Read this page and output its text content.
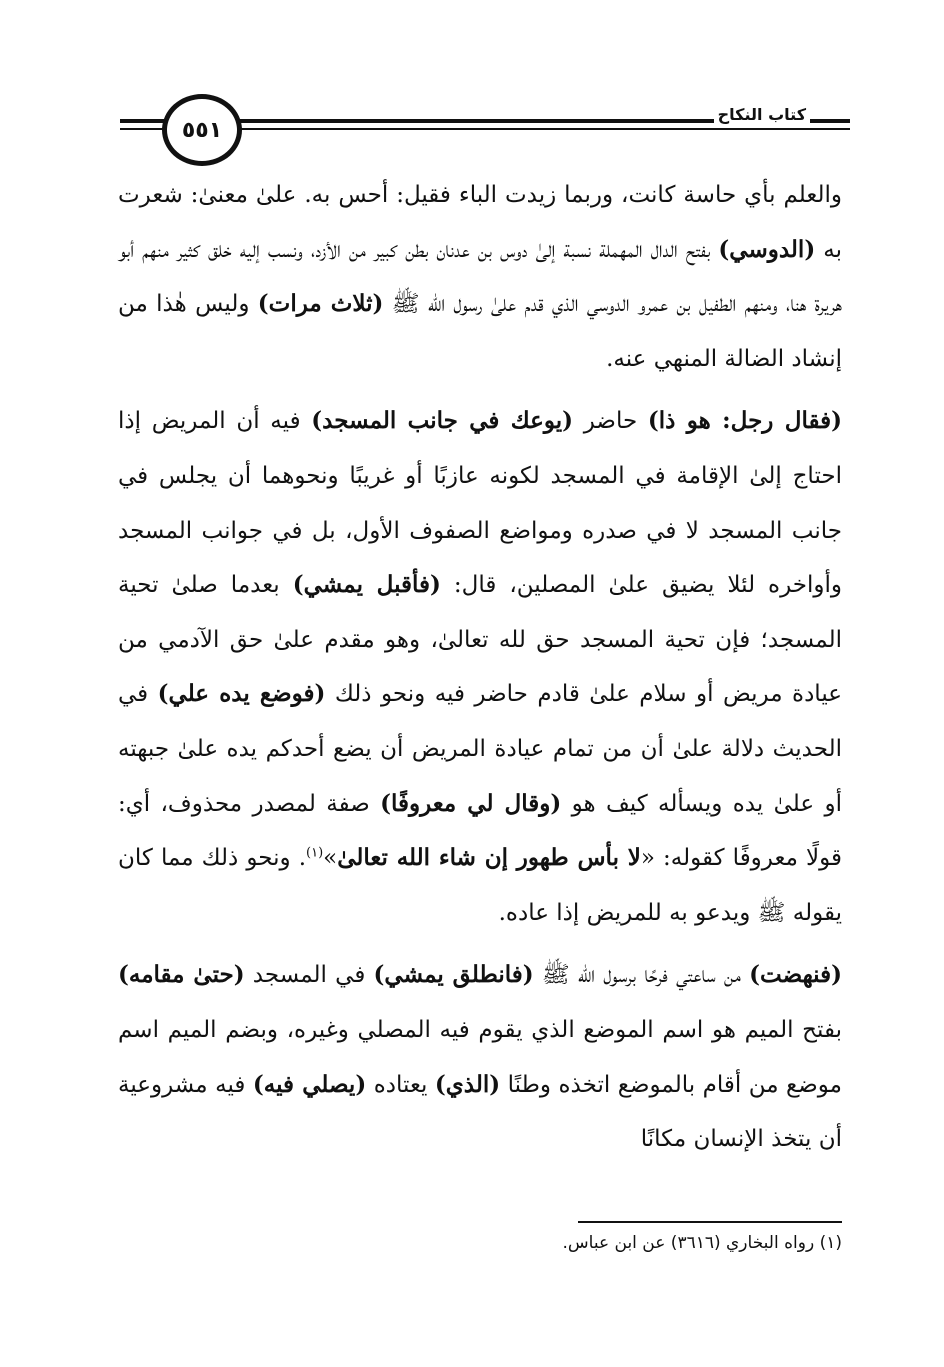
٥٥١
كتاب النكاح

والعلم بأي حاسة كانت، وربما زيدت الباء فقيل: أحس به. علىٰ معنىٰ: شعرت به (الدوسي) بفتح الدال المهملة نسبة إلىٰ دوس بن عدنان بطن كبير من الأزد، ونسب إليه خلق كثير منهم أبو هريرة هنا، ومنهم الطفيل بن عمرو الدوسي الذي قدم علىٰ رسول الله ﷺ (ثلاث مرات) وليس هٰذا من إنشاد الضالة المنهي عنه.

(فقال رجل: هو ذا) حاضر (يوعك في جانب المسجد) فيه أن المريض إذا احتاج إلىٰ الإقامة في المسجد لكونه عازبًا أو غريبًا ونحوهما أن يجلس في جانب المسجد لا في صدره ومواضع الصفوف الأول، بل في جوانب المسجد وأواخره لئلا يضيق علىٰ المصلين، قال: (فأقبل يمشي) بعدما صلىٰ تحية المسجد؛ فإن تحية المسجد حق لله تعالىٰ، وهو مقدم علىٰ حق الآدمي من عيادة مريض أو سلام علىٰ قادم حاضر فيه ونحو ذلك (فوضع يده علي) في الحديث دلالة علىٰ أن من تمام عيادة المريض أن يضع أحدكم يده علىٰ جبهته أو علىٰ يده ويسأله كيف هو (وقال لي معروفًا) صفة لمصدر محذوف، أي: قولًا معروفًا كقوله: «لا بأس طهور إن شاء الله تعالىٰ»$^{(١)}$. ونحو ذلك مما كان يقوله ﷺ ويدعو به للمريض إذا عاده.

(فنهضت) من ساعتي فرحًا برسول الله ﷺ (فانطلق يمشي) في المسجد (حتىٰ مقامه) بفتح الميم هو اسم الموضع الذي يقوم فيه المصلي وغيره، وبضم الميم اسم موضع من أقام بالموضع اتخذه وطنًا (الذي) يعتاده (يصلي فيه) فيه مشروعية أن يتخذ الإنسان مكانًا

(١) رواه البخاري (٣٦١٦) عن ابن عباس.
